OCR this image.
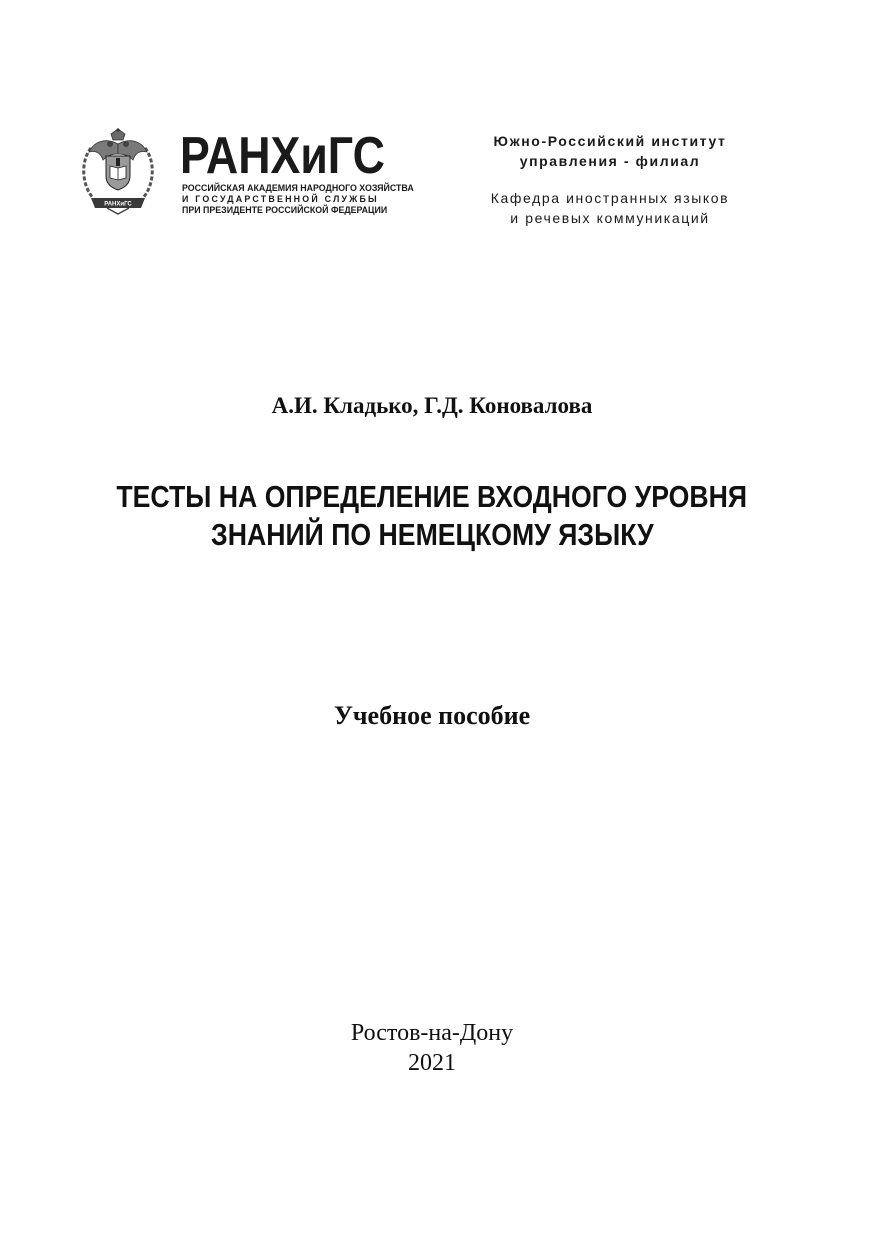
РАНХиГС
РАНХиГС
РОССИЙСКАЯ АКАДЕМИЯ НАРОДНОГО ХОЗЯЙСТВА
И ГОСУДАРСТВЕННОЙ СЛУЖБЫ
ПРИ ПРЕЗИДЕНТЕ РОССИЙСКОЙ ФЕДЕРАЦИИ
Южно-Российский институт
управления - филиал
Кафедра иностранных языков
и речевых коммуникаций
А.И. Кладько, Г.Д. Коновалова
ТЕСТЫ НА ОПРЕДЕЛЕНИЕ ВХОДНОГО УРОВНЯ
ЗНАНИЙ ПО НЕМЕЦКОМУ ЯЗЫКУ
Учебное пособие
Ростов-на-Дону
2021
